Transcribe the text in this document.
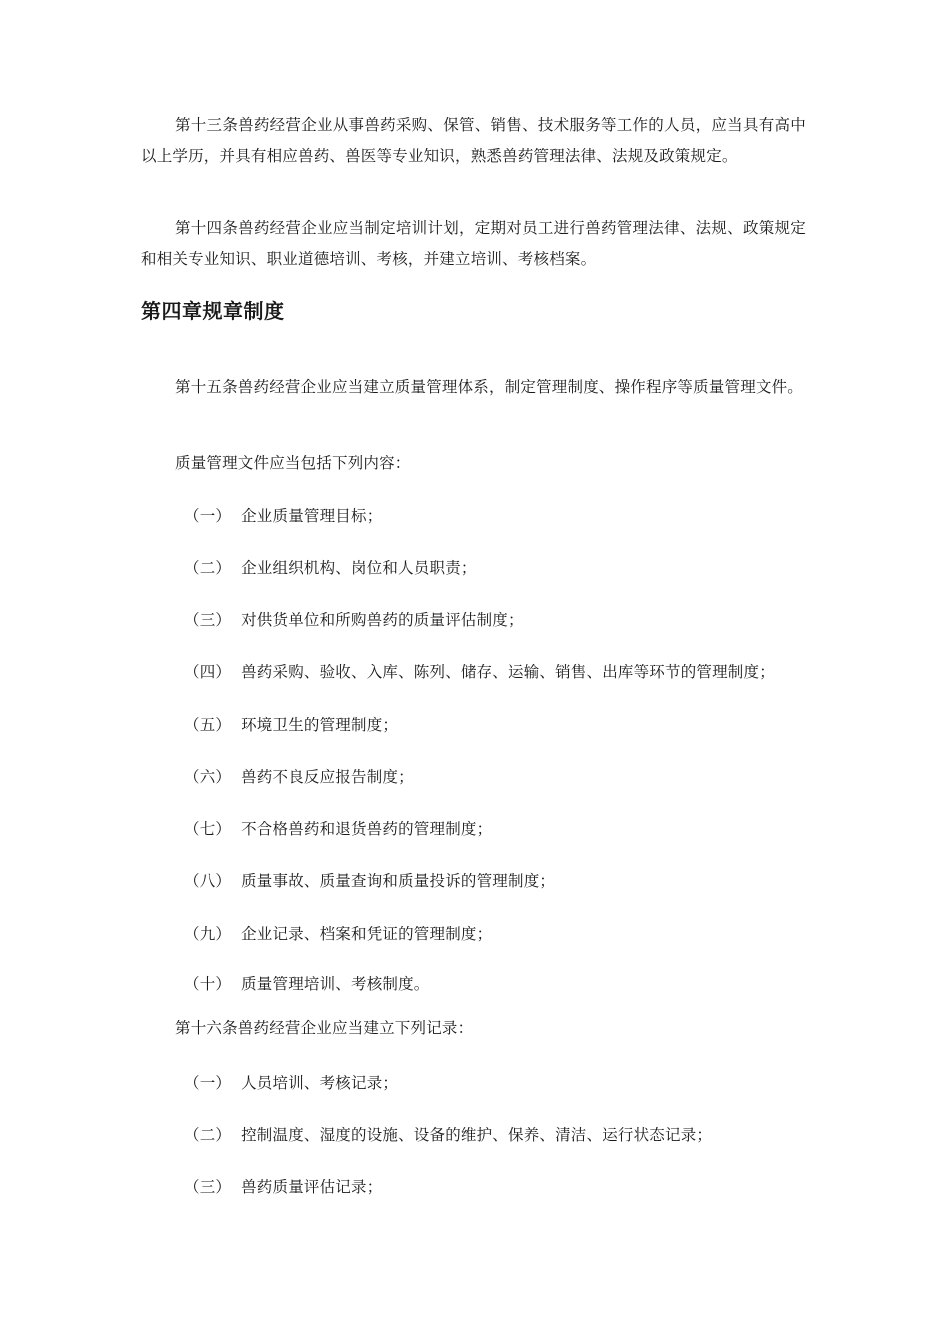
第十三条兽药经营企业从事兽药采购、保管、销售、技术服务等工作的人员，应当具有高中以上学历，并具有相应兽药、兽医等专业知识，熟悉兽药管理法律、法规及政策规定。

第十四条兽药经营企业应当制定培训计划，定期对员工进行兽药管理法律、法规、政策规定和相关专业知识、职业道德培训、考核，并建立培训、考核档案。

第四章规章制度

第十五条兽药经营企业应当建立质量管理体系，制定管理制度、操作程序等质量管理文件。

质量管理文件应当包括下列内容：

（一） 企业质量管理目标；

（二） 企业组织机构、岗位和人员职责；

（三） 对供货单位和所购兽药的质量评估制度；

（四） 兽药采购、验收、入库、陈列、储存、运输、销售、出库等环节的管理制度；

（五） 环境卫生的管理制度；

（六） 兽药不良反应报告制度；

（七） 不合格兽药和退货兽药的管理制度；

（八） 质量事故、质量查询和质量投诉的管理制度；

（九） 企业记录、档案和凭证的管理制度；

（十） 质量管理培训、考核制度。

第十六条兽药经营企业应当建立下列记录：

（一） 人员培训、考核记录；

（二） 控制温度、湿度的设施、设备的维护、保养、清洁、运行状态记录；

（三） 兽药质量评估记录；
